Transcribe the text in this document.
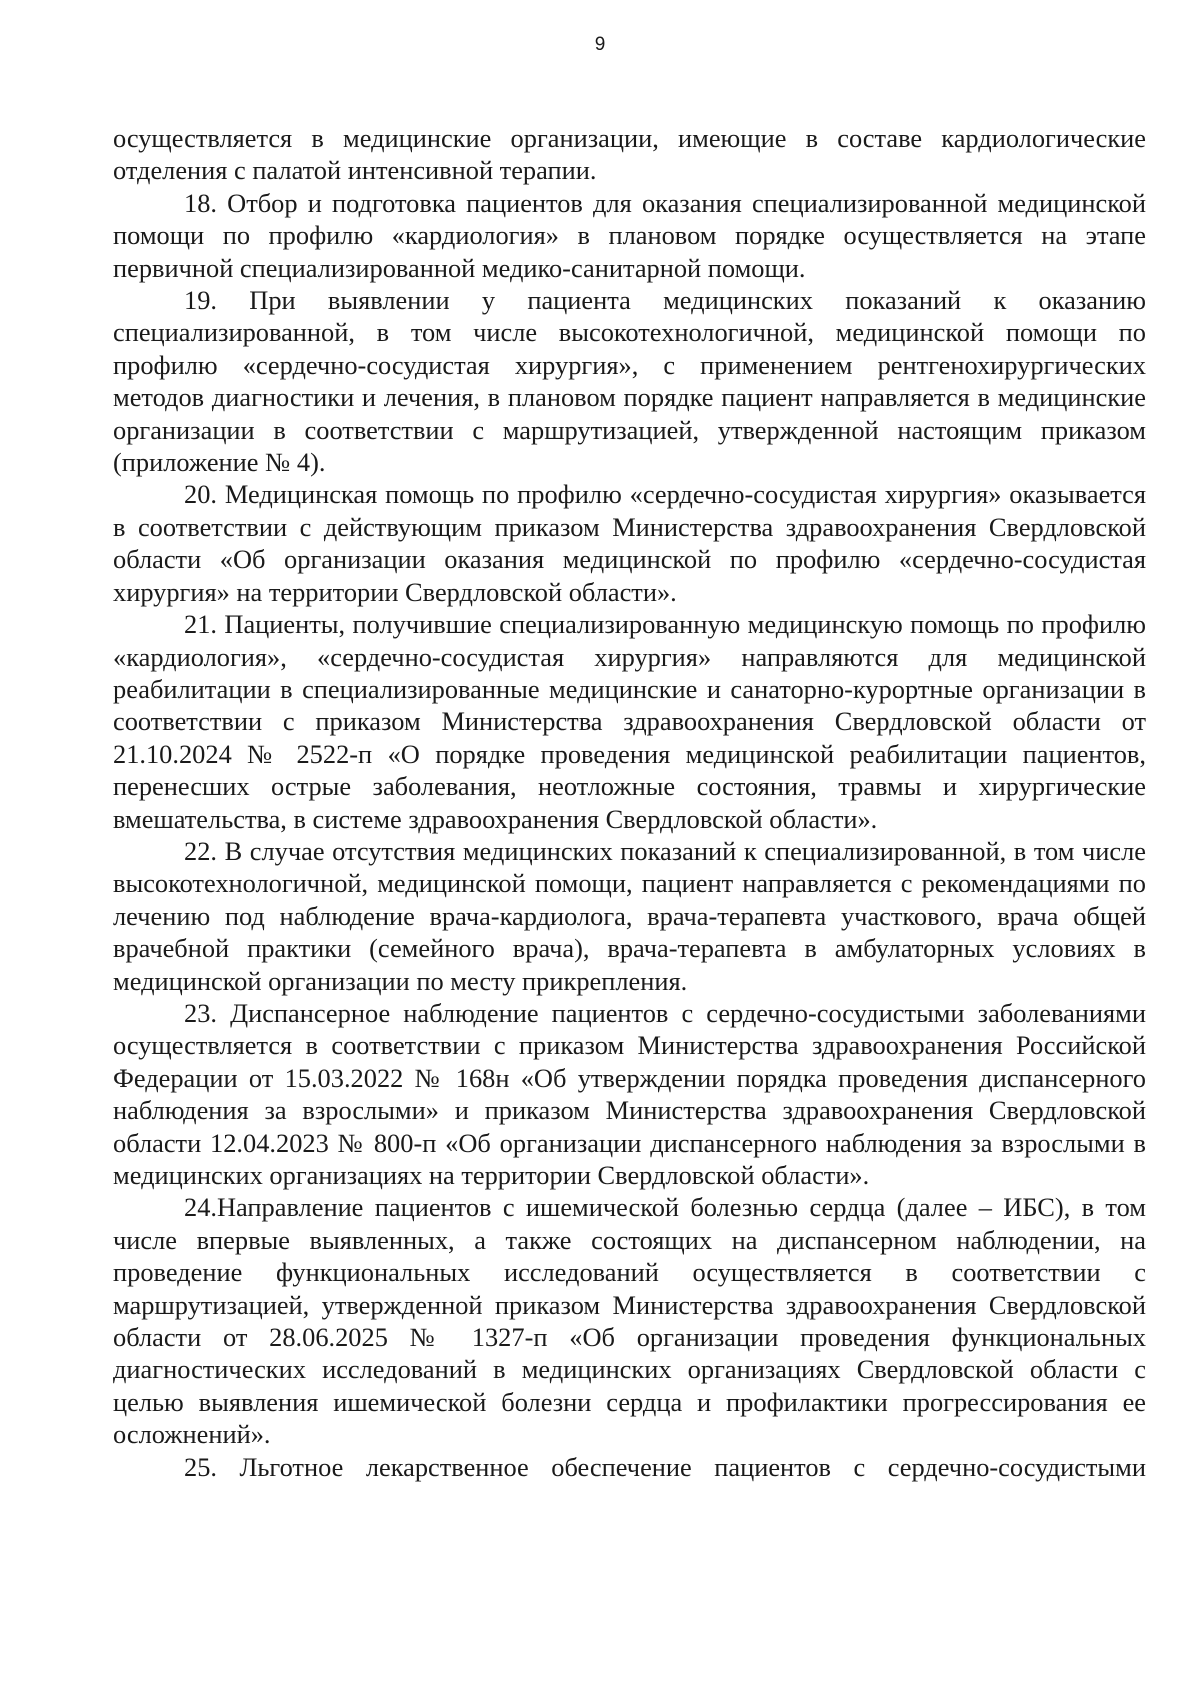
9

осуществляется в медицинские организации, имеющие в составе кардиологические отделения с палатой интенсивной терапии.

18. Отбор и подготовка пациентов для оказания специализированной медицинской помощи по профилю «кардиология» в плановом порядке осуществляется на этапе первичной специализированной медико-санитарной помощи.

19. При выявлении у пациента медицинских показаний к оказанию специализированной, в том числе высокотехнологичной, медицинской помощи по профилю «сердечно-сосудистая хирургия», с применением рентгенохирургических методов диагностики и лечения, в плановом порядке пациент направляется в медицинские организации в соответствии с маршрутизацией, утвержденной настоящим приказом (приложение № 4).

20. Медицинская помощь по профилю «сердечно-сосудистая хирургия» оказывается в соответствии с действующим приказом Министерства здравоохранения Свердловской области «Об организации оказания медицинской по профилю «сердечно-сосудистая хирургия» на территории Свердловской области».

21. Пациенты, получившие специализированную медицинскую помощь по профилю «кардиология», «сердечно-сосудистая хирургия» направляются для медицинской реабилитации в специализированные медицинские и санаторно-курортные организации в соответствии с приказом Министерства здравоохранения Свердловской области от 21.10.2024 № 2522-п «О порядке проведения медицинской реабилитации пациентов, перенесших острые заболевания, неотложные состояния, травмы и хирургические вмешательства, в системе здравоохранения Свердловской области».

22. В случае отсутствия медицинских показаний к специализированной, в том числе высокотехнологичной, медицинской помощи, пациент направляется с рекомендациями по лечению под наблюдение врача-кардиолога, врача-терапевта участкового, врача общей врачебной практики (семейного врача), врача-терапевта в амбулаторных условиях в медицинской организации по месту прикрепления.

23. Диспансерное наблюдение пациентов с сердечно-сосудистыми заболеваниями осуществляется в соответствии с приказом Министерства здравоохранения Российской Федерации от 15.03.2022 № 168н «Об утверждении порядка проведения диспансерного наблюдения за взрослыми» и приказом Министерства здравоохранения Свердловской области 12.04.2023 № 800-п «Об организации диспансерного наблюдения за взрослыми в медицинских организациях на территории Свердловской области».

24.Направление пациентов с ишемической болезнью сердца (далее – ИБС), в том числе впервые выявленных, а также состоящих на диспансерном наблюдении, на проведение функциональных исследований осуществляется в соответствии с маршрутизацией, утвержденной приказом Министерства здравоохранения Свердловской области от 28.06.2025 № 1327-п «Об организации проведения функциональных диагностических исследований в медицинских организациях Свердловской области с целью выявления ишемической болезни сердца и профилактики прогрессирования ее осложнений».

25. Льготное лекарственное обеспечение пациентов с сердечно-сосудистыми
